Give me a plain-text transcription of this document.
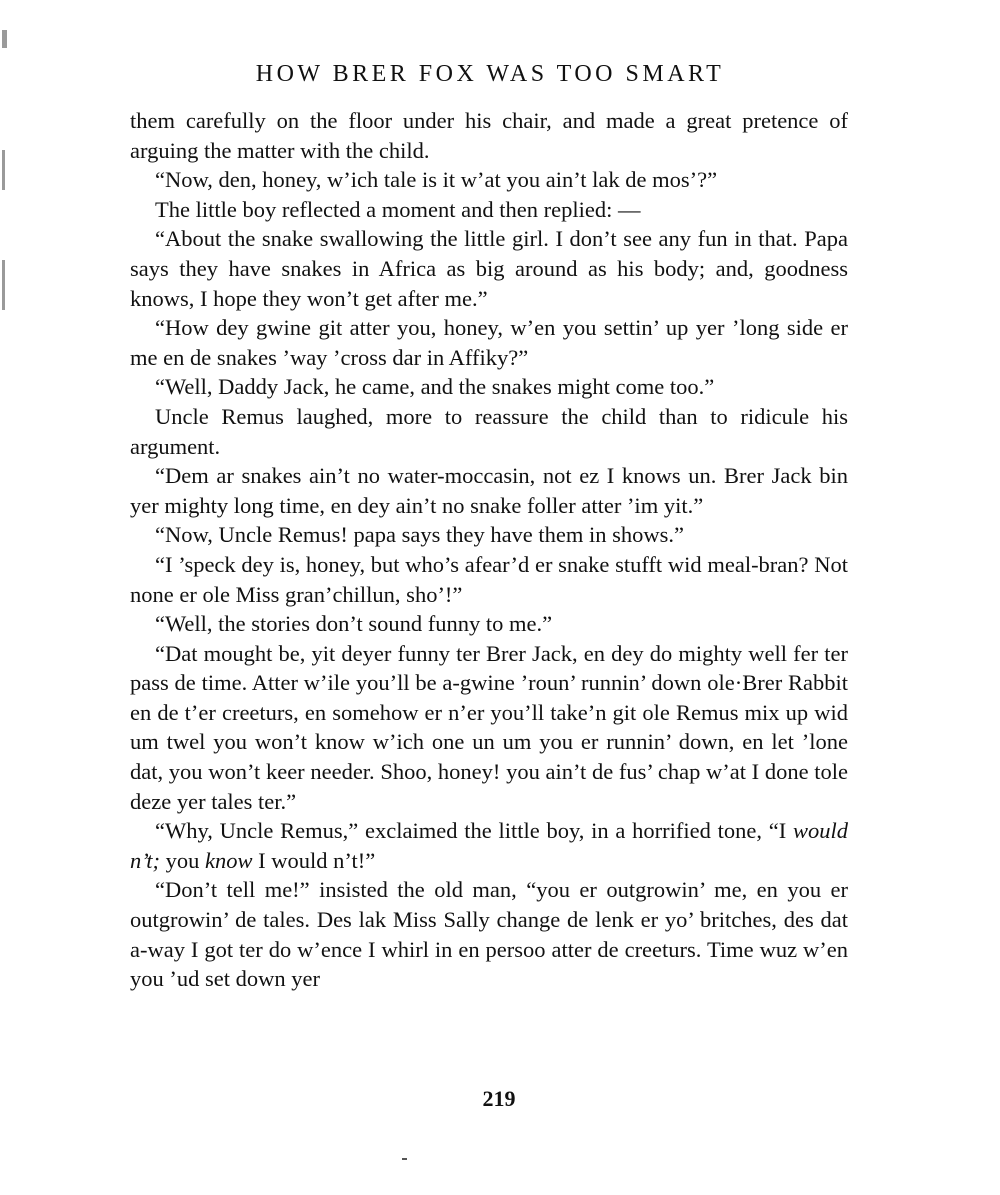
HOW BRER FOX WAS TOO SMART

them carefully on the floor under his chair, and made a great pretence of arguing the matter with the child.

“Now, den, honey, w’ich tale is it w’at you ain’t lak de mos’?”

The little boy reflected a moment and then replied: —

“About the snake swallowing the little girl. I don’t see any fun in that. Papa says they have snakes in Africa as big around as his body; and, goodness knows, I hope they won’t get after me.”

“How dey gwine git atter you, honey, w’en you settin’ up yer ’long side er me en de snakes ’way ’cross dar in Affiky?”

“Well, Daddy Jack, he came, and the snakes might come too.”

Uncle Remus laughed, more to reassure the child than to ridicule his argument.

“Dem ar snakes ain’t no water-moccasin, not ez I knows un. Brer Jack bin yer mighty long time, en dey ain’t no snake foller atter ’im yit.”

“Now, Uncle Remus! papa says they have them in shows.”

“I ’speck dey is, honey, but who’s afear’d er snake stufft wid meal-bran? Not none er ole Miss gran’chillun, sho’!”

“Well, the stories don’t sound funny to me.”

“Dat mought be, yit deyer funny ter Brer Jack, en dey do mighty well fer ter pass de time. Atter w’ile you’ll be a-gwine ’roun’ runnin’ down ole·Brer Rabbit en de t’er creeturs, en somehow er n’er you’ll take’n git ole Remus mix up wid um twel you won’t know w’ich one un um you er runnin’ down, en let ’lone dat, you won’t keer needer. Shoo, honey! you ain’t de fus’ chap w’at I done tole deze yer tales ter.”

“Why, Uncle Remus,” exclaimed the little boy, in a horrified tone, “I would n’t; you know I would n’t!”

“Don’t tell me!” insisted the old man, “you er outgrowin’ me, en you er outgrowin’ de tales. Des lak Miss Sally change de lenk er yo’ britches, des dat a-way I got ter do w’ence I whirl in en persoo atter de creeturs. Time wuz w’en you ’ud set down yer

219
